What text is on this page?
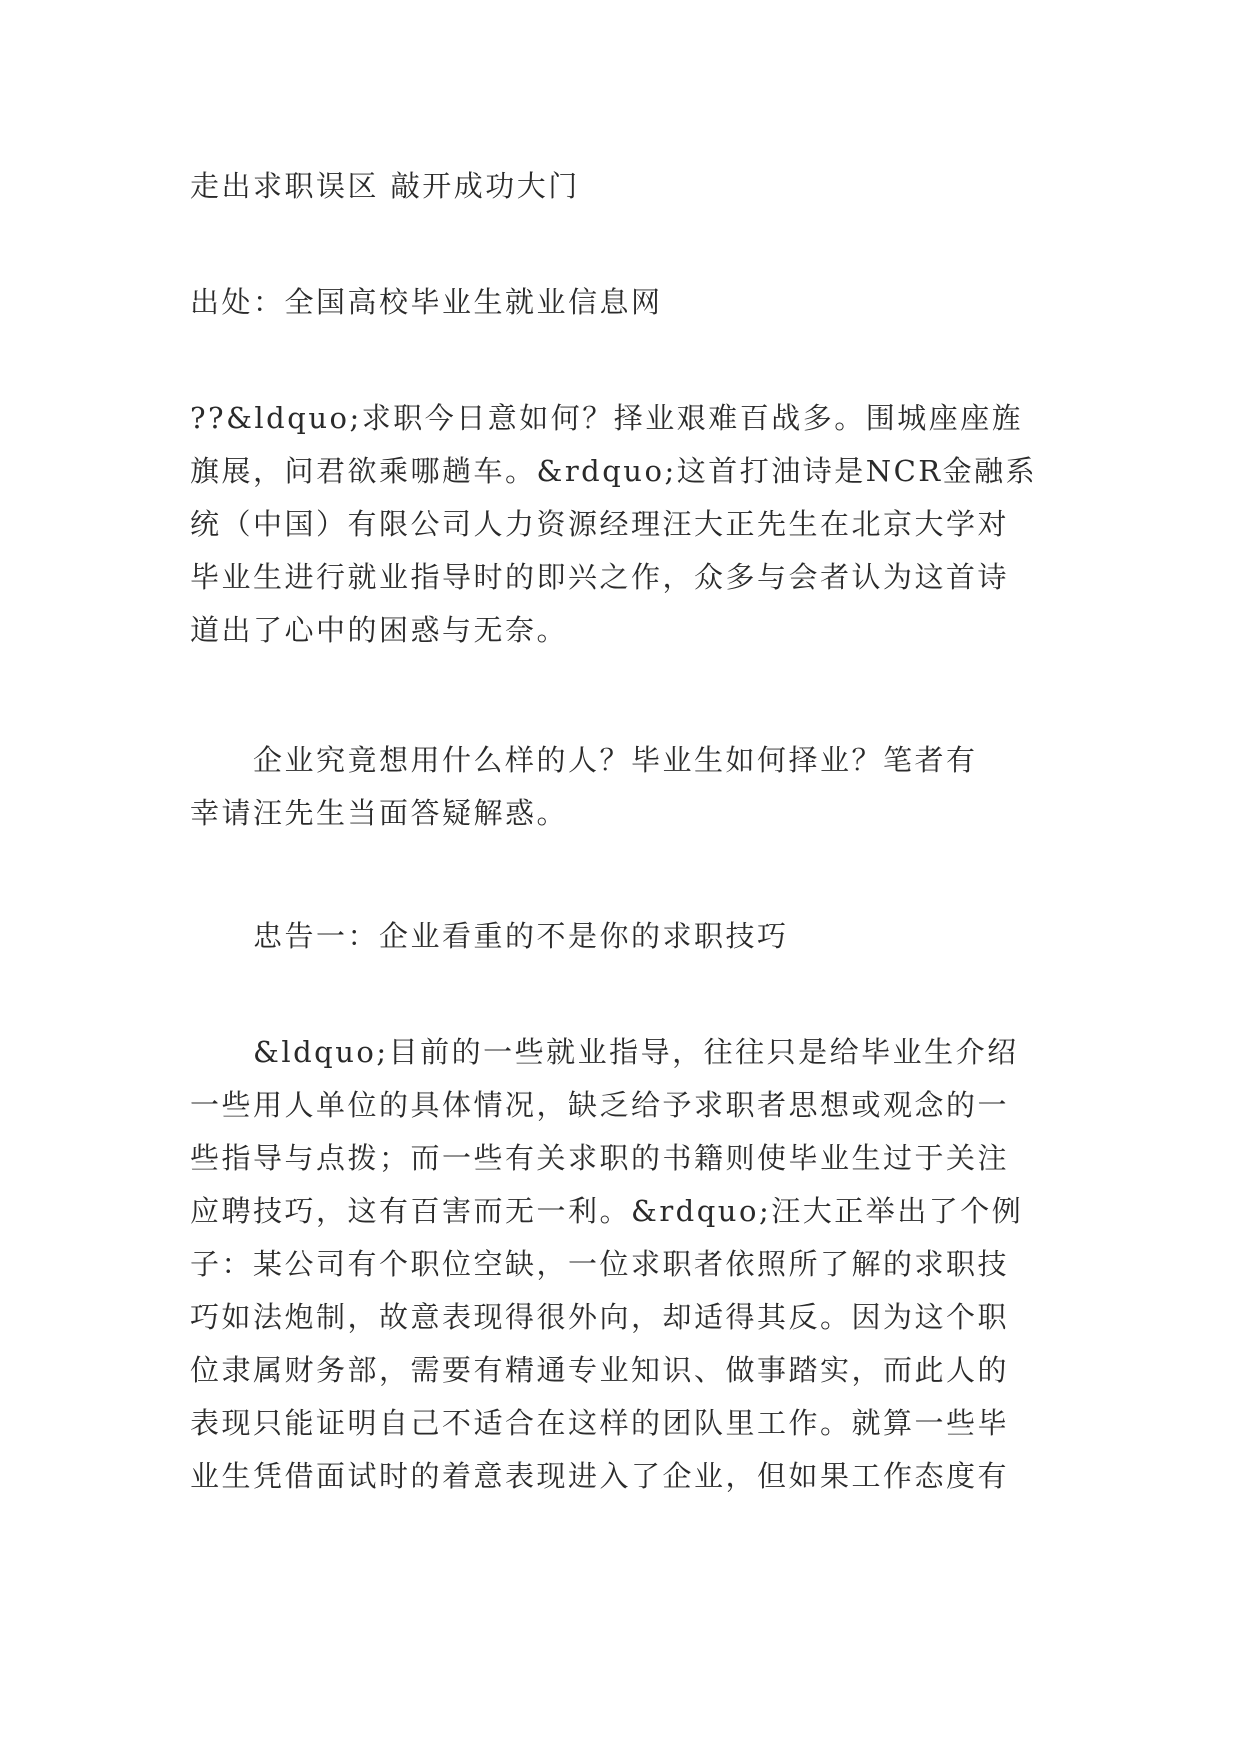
走出求职误区 敲开成功大门

出处：全国高校毕业生就业信息网

??&ldquo;求职今日意如何？择业艰难百战多。围城座座旌
旗展，问君欲乘哪趟车。&rdquo;这首打油诗是NCR金融系
统（中国）有限公司人力资源经理汪大正先生在北京大学对
毕业生进行就业指导时的即兴之作，众多与会者认为这首诗
道出了心中的困惑与无奈。

　　企业究竟想用什么样的人？毕业生如何择业？笔者有
幸请汪先生当面答疑解惑。

　　忠告一：企业看重的不是你的求职技巧

　　&ldquo;目前的一些就业指导，往往只是给毕业生介绍
一些用人单位的具体情况，缺乏给予求职者思想或观念的一
些指导与点拨；而一些有关求职的书籍则使毕业生过于关注
应聘技巧，这有百害而无一利。&rdquo;汪大正举出了个例
子：某公司有个职位空缺，一位求职者依照所了解的求职技
巧如法炮制，故意表现得很外向，却适得其反。因为这个职
位隶属财务部，需要有精通专业知识、做事踏实，而此人的
表现只能证明自己不适合在这样的团队里工作。就算一些毕
业生凭借面试时的着意表现进入了企业，但如果工作态度有
